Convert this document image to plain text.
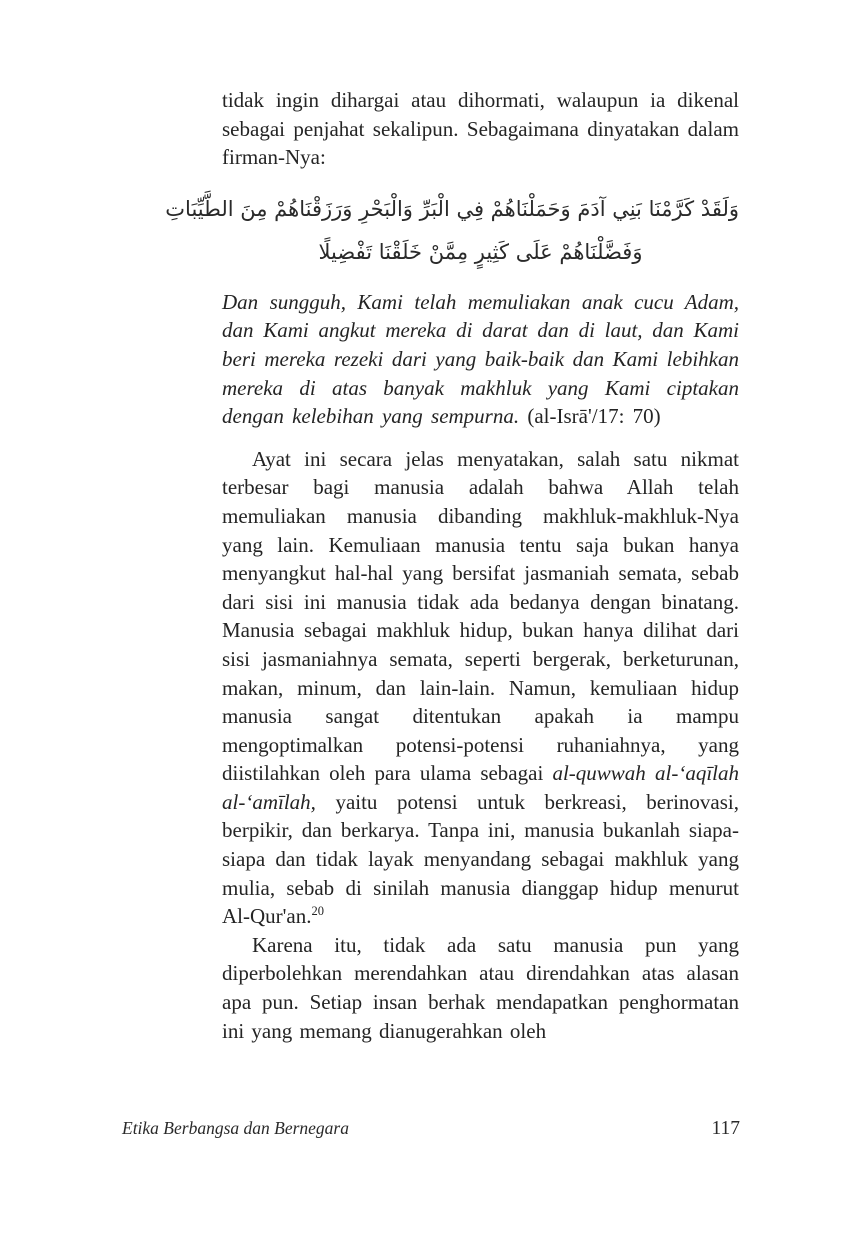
tidak ingin dihargai atau dihormati, walaupun ia dikenal sebagai penjahat sekalipun. Sebagaimana dinyatakan dalam firman-Nya:

وَلَقَدْ كَرَّمْنَا بَنِي آدَمَ وَحَمَلْنَاهُمْ فِي الْبَرِّ وَالْبَحْرِ وَرَزَقْنَاهُمْ مِنَ الطَّيِّبَاتِ
وَفَضَّلْنَاهُمْ عَلَى كَثِيرٍ مِمَّنْ خَلَقْنَا تَفْضِيلًا

Dan sungguh, Kami telah memuliakan anak cucu Adam, dan Kami angkut mereka di darat dan di laut, dan Kami beri mereka rezeki dari yang baik-baik dan Kami lebihkan mereka di atas banyak makhluk yang Kami ciptakan dengan kelebihan yang sempurna. (al-Isrā'/17: 70)

Ayat ini secara jelas menyatakan, salah satu nikmat terbesar bagi manusia adalah bahwa Allah telah memuliakan manusia dibanding makhluk-makhluk-Nya yang lain. Kemuliaan manusia tentu saja bukan hanya menyangkut hal-hal yang bersifat jasmaniah semata, sebab dari sisi ini manusia tidak ada bedanya dengan binatang. Manusia sebagai makhluk hidup, bukan hanya dilihat dari sisi jasmaniahnya semata, seperti bergerak, berketurunan, makan, minum, dan lain-lain. Namun, kemuliaan hidup manusia sangat ditentukan apakah ia mampu mengoptimalkan potensi-potensi ruhaniahnya, yang diistilahkan oleh para ulama sebagai al-quwwah al-‘aqīlah al-‘amīlah, yaitu potensi untuk berkreasi, berinovasi, berpikir, dan berkarya. Tanpa ini, manusia bukanlah siapa-siapa dan tidak layak menyandang sebagai makhluk yang mulia, sebab di sinilah manusia dianggap hidup menurut Al-Qur'an.$^{20}$

Karena itu, tidak ada satu manusia pun yang diperbolehkan merendahkan atau direndahkan atas alasan apa pun. Setiap insan berhak mendapatkan penghormatan ini yang memang dianugerahkan oleh

Etika Berbangsa dan Bernegara	117
